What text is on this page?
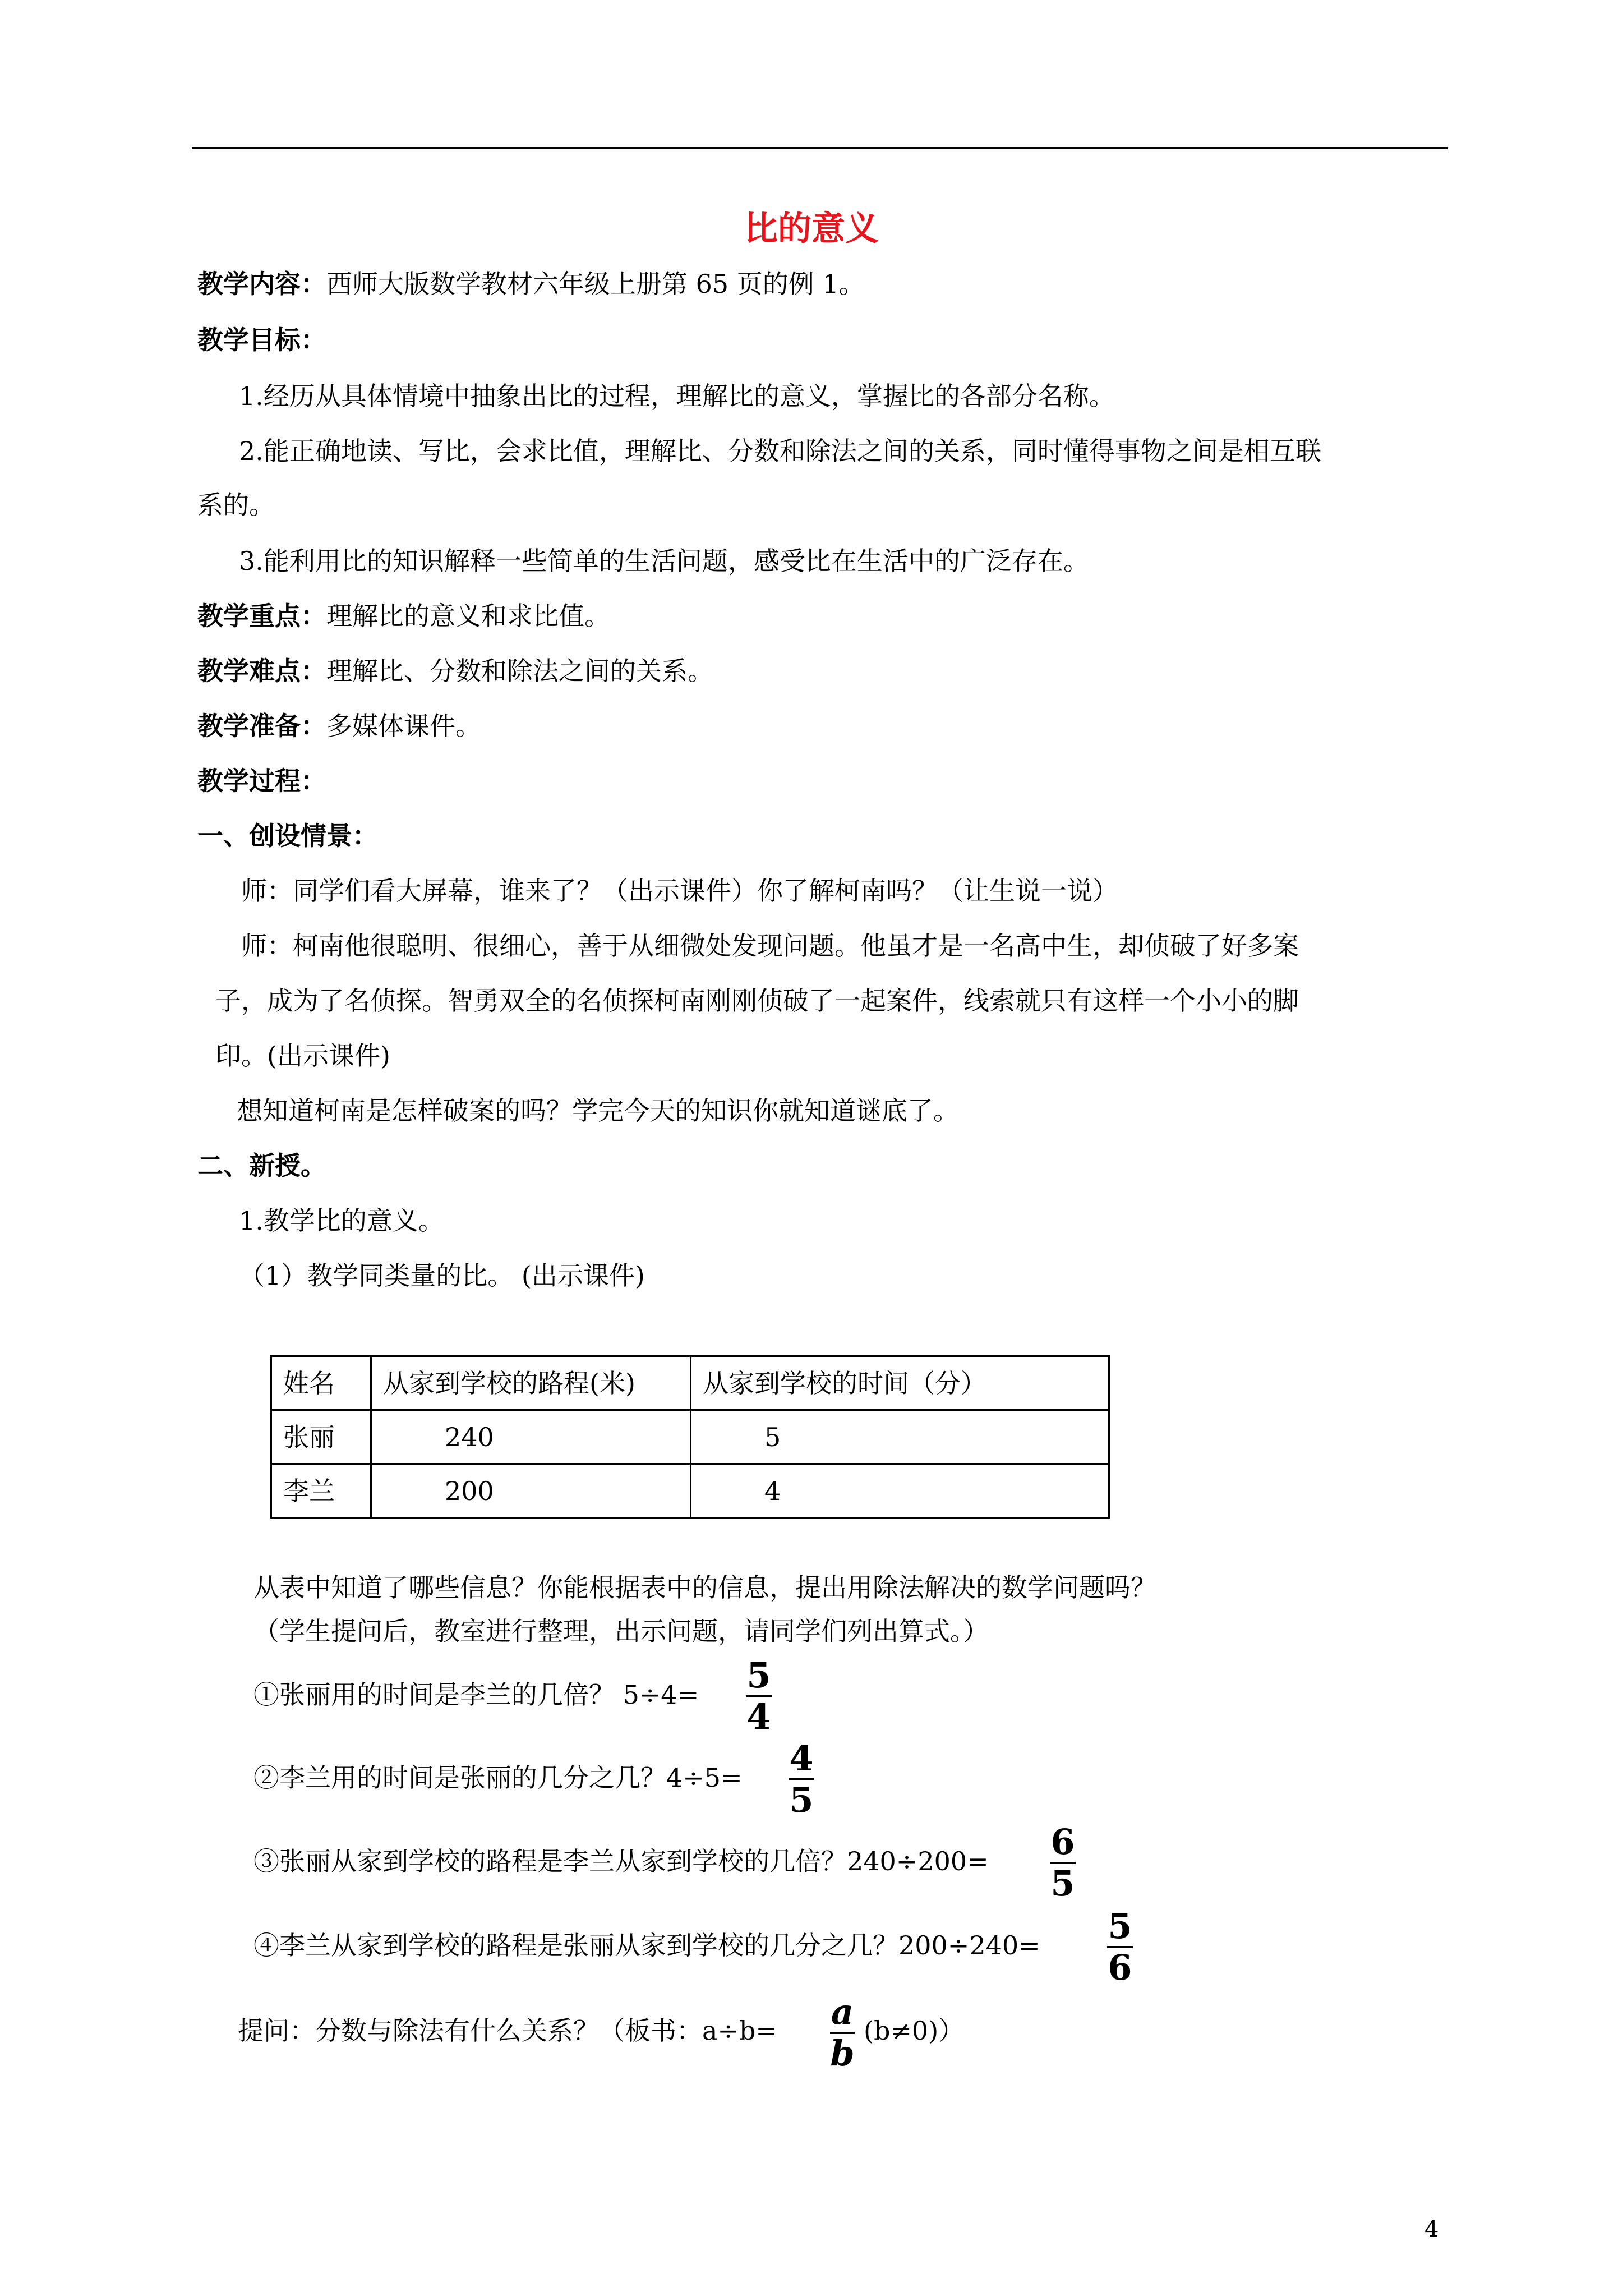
比的意义
教学内容：西师大版数学教材六年级上册第 65 页的例 1。
教学目标：
1.经历从具体情境中抽象出比的过程，理解比的意义，掌握比的各部分名称。
2.能正确地读、写比，会求比值，理解比、分数和除法之间的关系，同时懂得事物之间是相互联
系的。
3.能利用比的知识解释一些简单的生活问题，感受比在生活中的广泛存在。
教学重点：理解比的意义和求比值。
教学难点：理解比、分数和除法之间的关系。
教学准备：多媒体课件。
教学过程：
一、创设情景：
师：同学们看大屏幕，谁来了？（出示课件）你了解柯南吗？（让生说一说）
师：柯南他很聪明、很细心，善于从细微处发现问题。他虽才是一名高中生，却侦破了好多案
子，成为了名侦探。智勇双全的名侦探柯南刚刚侦破了一起案件，线索就只有这样一个小小的脚
印。(出示课件)
想知道柯南是怎样破案的吗？学完今天的知识你就知道谜底了。
二、新授。
1.教学比的意义。
（1）教学同类量的比。 (出示课件)
姓名	从家到学校的路程(米)	从家到学校的时间（分）
张丽	240	5
李兰	200	4
从表中知道了哪些信息？你能根据表中的信息，提出用除法解决的数学问题吗？
（学生提问后，教室进行整理，出示问题，请同学们列出算式。）
①张丽用的时间是李兰的几倍？ $5\div 4= \frac{5}{4}$
②李兰用的时间是张丽的几分之几？$4\div 5= \frac{4}{5}$
③张丽从家到学校的路程是李兰从家到学校的几倍？$240\div 200= \frac{6}{5}$
④李兰从家到学校的路程是张丽从家到学校的几分之几？$200\div 240= \frac{5}{6}$
提问：分数与除法有什么关系？（板书：$a\div b= \frac{a}{b} (b\ne 0)$）
4
